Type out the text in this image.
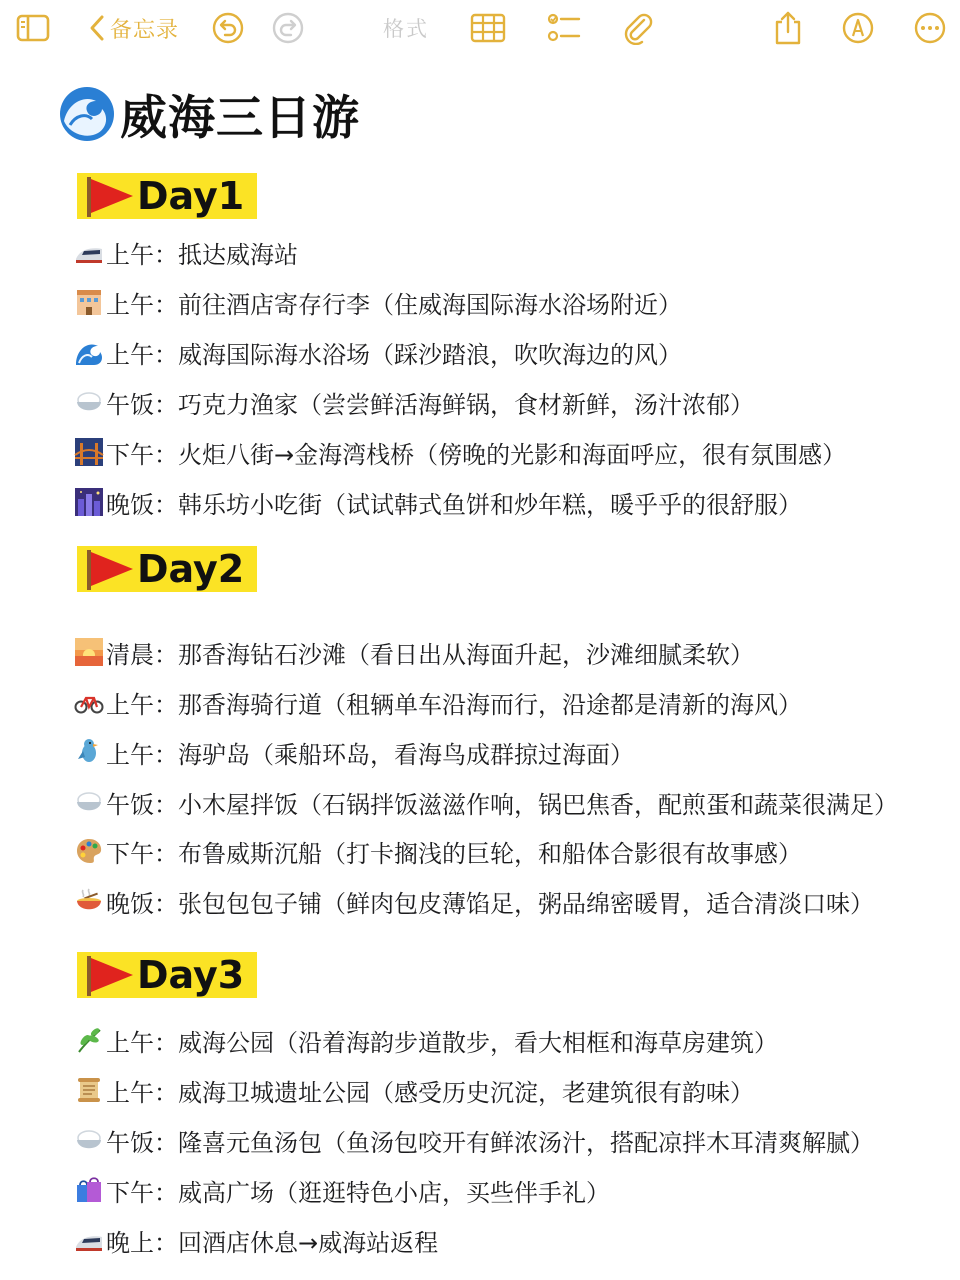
备忘录	格式
威海三日游
Day1
上午： 抵达威海站
上午： 前往酒店寄存行李（住威海国际海水浴场附近）
上午： 威海国际海水浴场（踩沙踏浪，吹吹海边的风）
午饭： 巧克力渔家（尝尝鲜活海鲜锅，食材新鲜，汤汁浓郁）
下午： 火炬八街→金海湾栈桥（傍晚的光影和海面呼应，很有氛围感）
晚饭： 韩乐坊小吃街（试试韩式鱼饼和炒年糕，暖乎乎的很舒服）
Day2
清晨： 那香海钻石沙滩（看日出从海面升起，沙滩细腻柔软）
上午： 那香海骑行道（租辆单车沿海而行，沿途都是清新的海风）
上午： 海驴岛（乘船环岛，看海鸟成群掠过海面）
午饭： 小木屋拌饭（石锅拌饭滋滋作响，锅巴焦香，配煎蛋和蔬菜很满足）
下午： 布鲁威斯沉船（打卡搁浅的巨轮，和船体合影很有故事感）
晚饭： 张包包包子铺（鲜肉包皮薄馅足，粥品绵密暖胃，适合清淡口味）
Day3
上午： 威海公园（沿着海韵步道散步，看大相框和海草房建筑）
上午： 威海卫城遗址公园（感受历史沉淀，老建筑很有韵味）
午饭： 隆喜元鱼汤包（鱼汤包咬开有鲜浓汤汁，搭配凉拌木耳清爽解腻）
下午： 威高广场（逛逛特色小店，买些伴手礼）
晚上： 回酒店休息→威海站返程
